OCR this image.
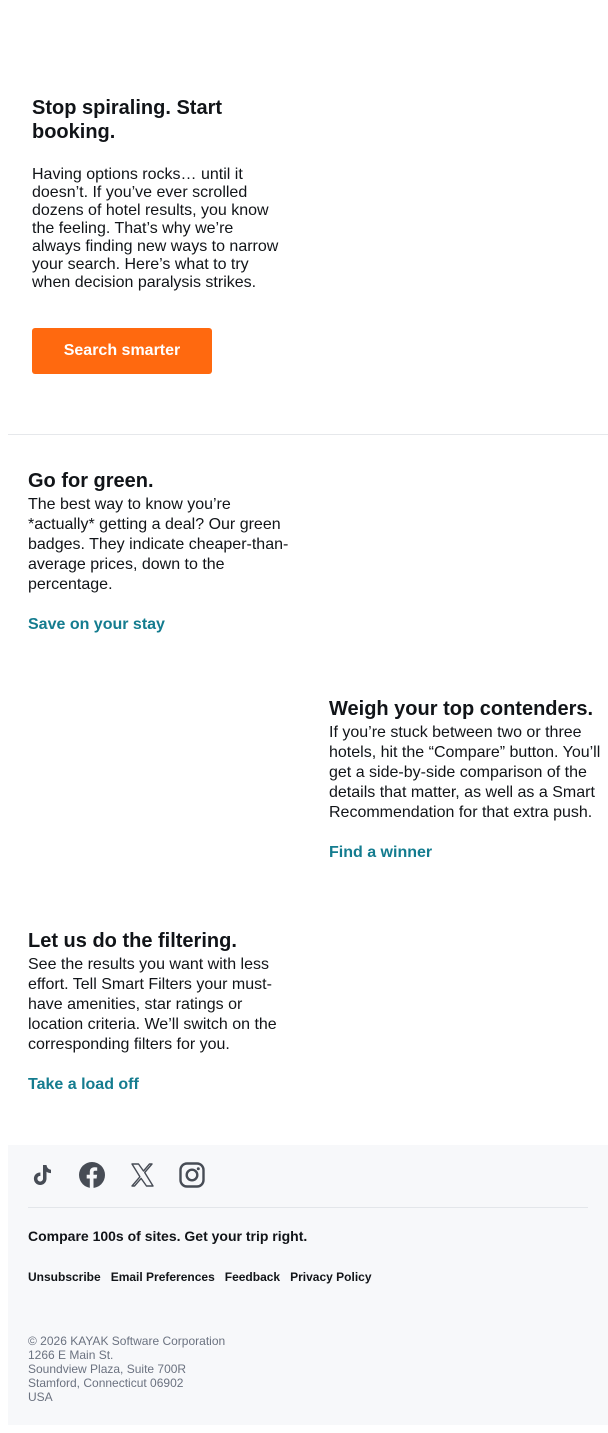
Stop spiraling. Start booking.

Having options rocks… until it doesn’t. If you’ve ever scrolled dozens of hotel results, you know the feeling. That’s why we’re always finding new ways to narrow your search. Here’s what to try when decision paralysis strikes.

Search smarter
Go for green.

The best way to know you’re *actually* getting a deal? Our green badges. They indicate cheaper-than-average prices, down to the percentage.

Save on your stay
Weigh your top contenders.

If you’re stuck between two or three hotels, hit the “Compare” button. You’ll get a side-by-side comparison of the details that matter, as well as a Smart Recommendation for that extra push.

Find a winner
Let us do the filtering.

See the results you want with less effort. Tell Smart Filters your must-have amenities, star ratings or location criteria. We’ll switch on the corresponding filters for you.

Take a load off
Compare 100s of sites. Get your trip right.
Unsubscribe Email Preferences Feedback Privacy Policy
© 2026 KAYAK Software Corporation
1266 E Main St.
Soundview Plaza, Suite 700R
Stamford, Connecticut 06902
USA
